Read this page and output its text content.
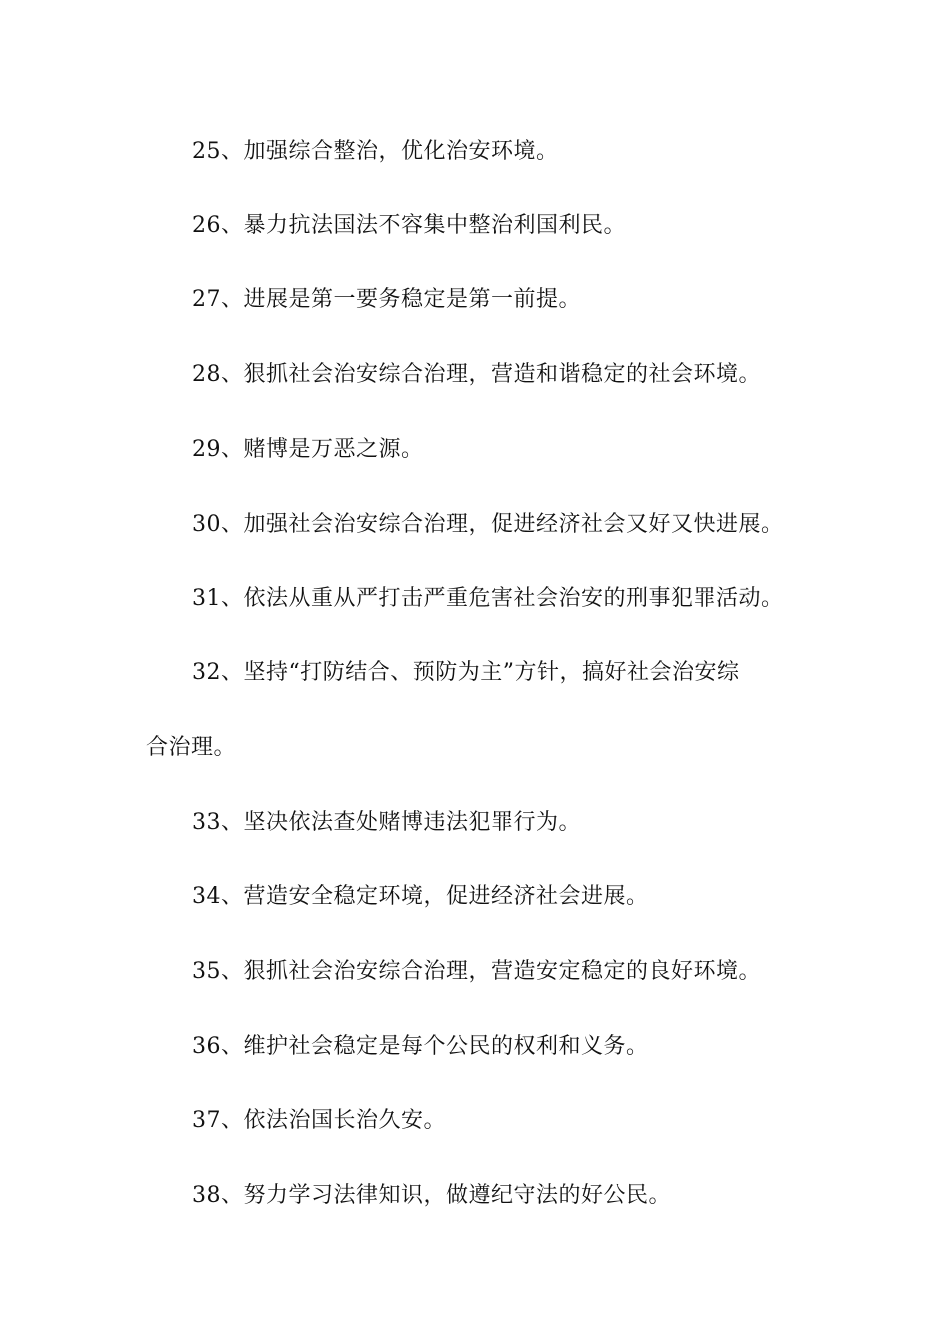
25、加强综合整治，优化治安环境。
26、暴力抗法国法不容集中整治利国利民。
27、进展是第一要务稳定是第一前提。
28、狠抓社会治安综合治理，营造和谐稳定的社会环境。
29、赌博是万恶之源。
30、加强社会治安综合治理，促进经济社会又好又快进展。
31、依法从重从严打击严重危害社会治安的刑事犯罪活动。
32、坚持“打防结合、预防为主”方针，搞好社会治安综
合治理。
33、坚决依法查处赌博违法犯罪行为。
34、营造安全稳定环境，促进经济社会进展。
35、狠抓社会治安综合治理，营造安定稳定的良好环境。
36、维护社会稳定是每个公民的权利和义务。
37、依法治国长治久安。
38、努力学习法律知识，做遵纪守法的好公民。
